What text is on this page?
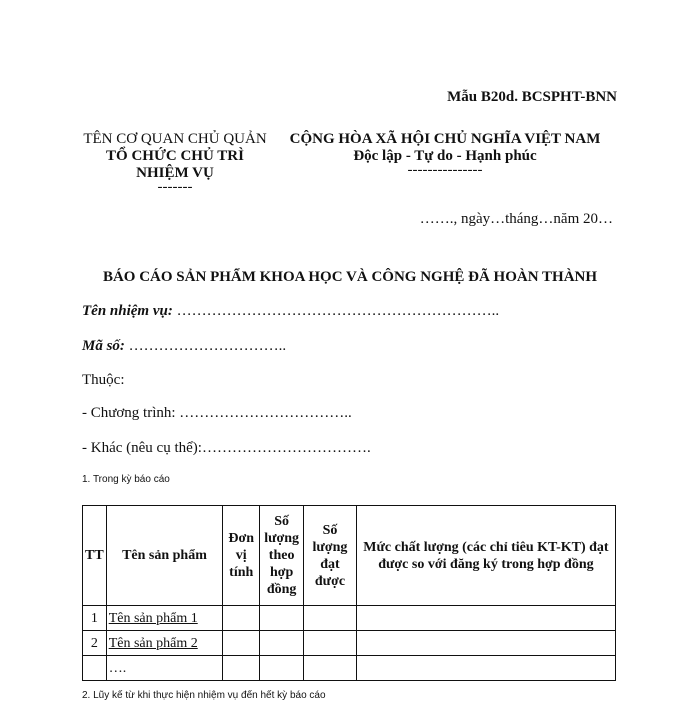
Mẫu B20d. BCSPHT-BNN
TÊN CƠ QUAN CHỦ QUẢN
TỔ CHỨC CHỦ TRÌ
NHIỆM VỤ
-------
CỘNG HÒA XÃ HỘI CHỦ NGHĨA VIỆT NAM
Độc lập - Tự do - Hạnh phúc
---------------
……., ngày…tháng…năm 20…
BÁO CÁO SẢN PHẨM KHOA HỌC VÀ CÔNG NGHỆ ĐÃ HOÀN THÀNH
Tên nhiệm vụ: ………………………………………………………..
Mã số: …………………………..
Thuộc:
- Chương trình: ……………………………..
- Khác (nêu cụ thể):…………………………….
1. Trong kỳ báo cáo
TT	Tên sản phẩm	Đơn vị tính	Số lượng theo hợp đồng	Số lượng đạt được	Mức chất lượng (các chỉ tiêu KT-KT) đạt được so với đăng ký trong hợp đồng
1	Tên sản phẩm 1				
2	Tên sản phẩm 2				
	….				
2. Lũy kế từ khi thực hiện nhiệm vụ đến hết kỳ báo cáo
